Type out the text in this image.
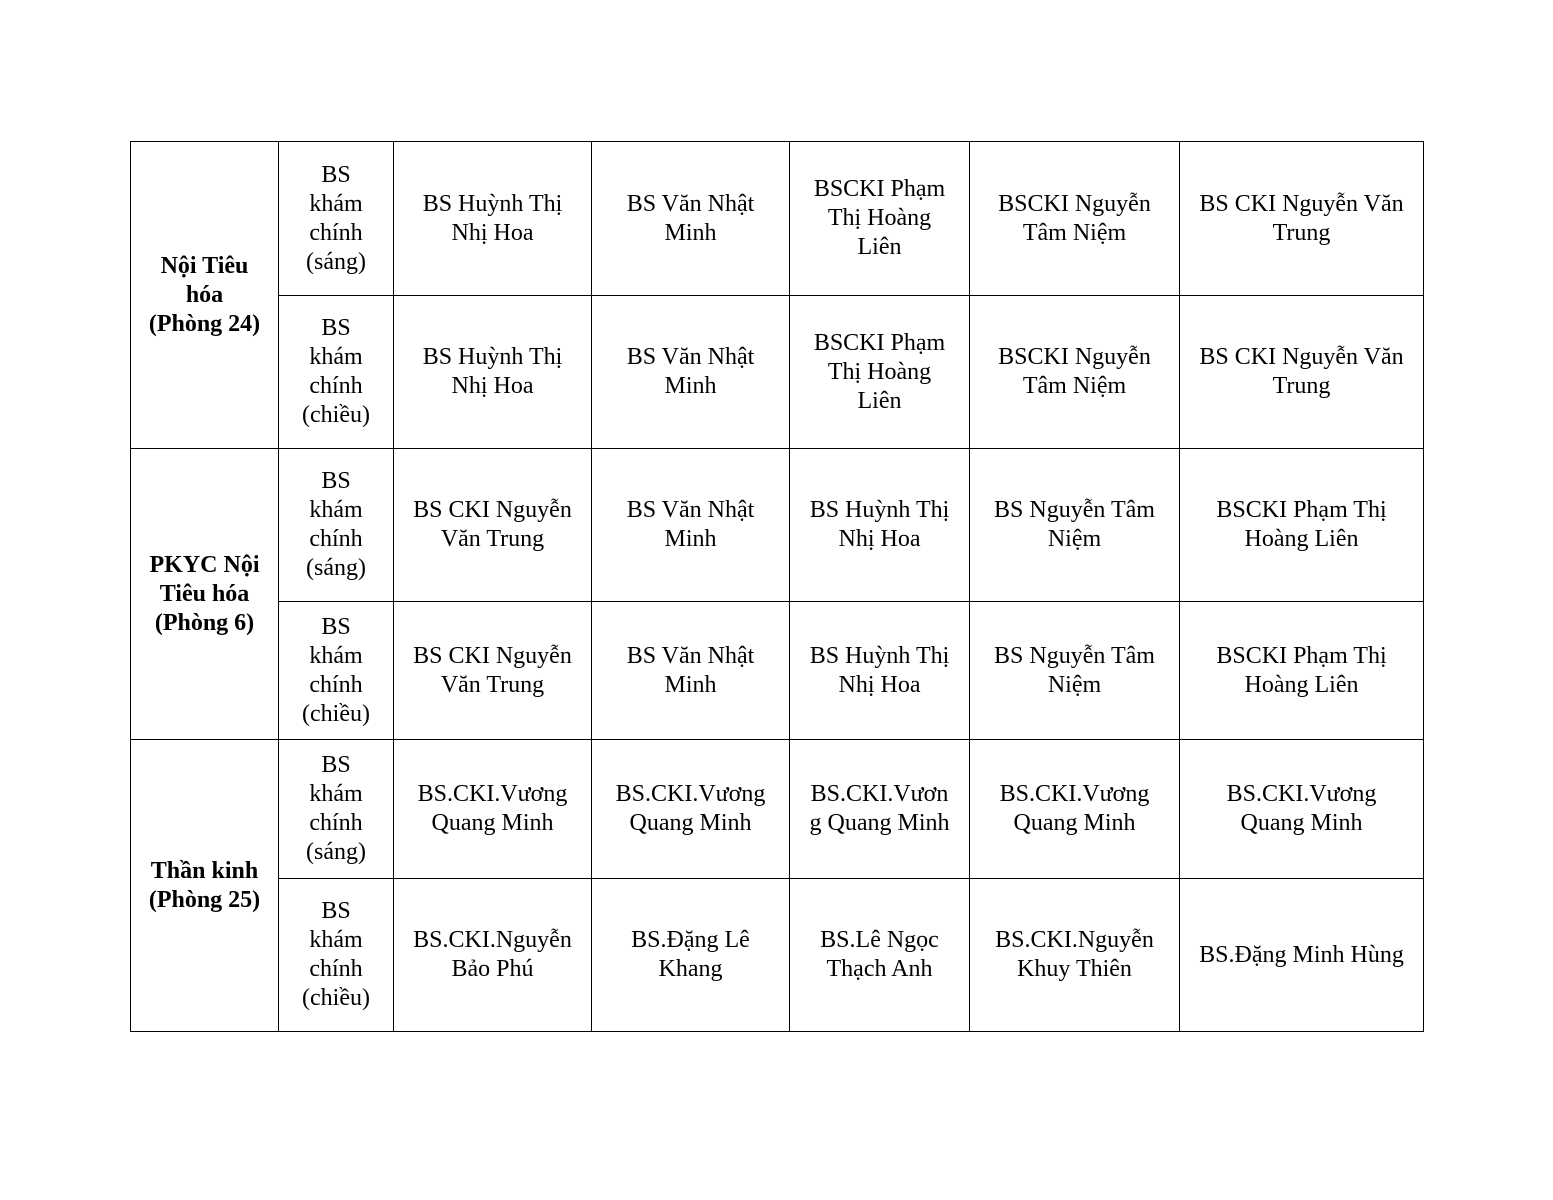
Nội Tiêu
hóa
(Phòng 24)	BS
khám
chính
(sáng)	BS Huỳnh Thị
Nhị Hoa	BS Văn Nhật
Minh	BSCKI Phạm
Thị Hoàng
Liên	BSCKI Nguyễn
Tâm Niệm	BS CKI Nguyễn Văn
Trung
	BS
khám
chính
(chiều)	BS Huỳnh Thị
Nhị Hoa	BS Văn Nhật
Minh	BSCKI Phạm
Thị Hoàng
Liên	BSCKI Nguyễn
Tâm Niệm	BS CKI Nguyễn Văn
Trung
PKYC Nội
Tiêu hóa
(Phòng 6)	BS
khám
chính
(sáng)	BS CKI Nguyễn
Văn Trung	BS Văn Nhật
Minh	BS Huỳnh Thị
Nhị Hoa	BS Nguyễn Tâm
Niệm	BSCKI Phạm Thị
Hoàng Liên
	BS
khám
chính
(chiều)	BS CKI Nguyễn
Văn Trung	BS Văn Nhật
Minh	BS Huỳnh Thị
Nhị Hoa	BS Nguyễn Tâm
Niệm	BSCKI Phạm Thị
Hoàng Liên
Thần kinh
(Phòng 25)	BS
khám
chính
(sáng)	BS.CKI.Vương
Quang Minh	BS.CKI.Vương
Quang Minh	BS.CKI.Vươn
g Quang Minh	BS.CKI.Vương
Quang Minh	BS.CKI.Vương
Quang Minh
	BS
khám
chính
(chiều)	BS.CKI.Nguyễn
Bảo Phú	BS.Đặng Lê
Khang	BS.Lê Ngọc
Thạch Anh	BS.CKI.Nguyễn
Khuy Thiên	BS.Đặng Minh Hùng
